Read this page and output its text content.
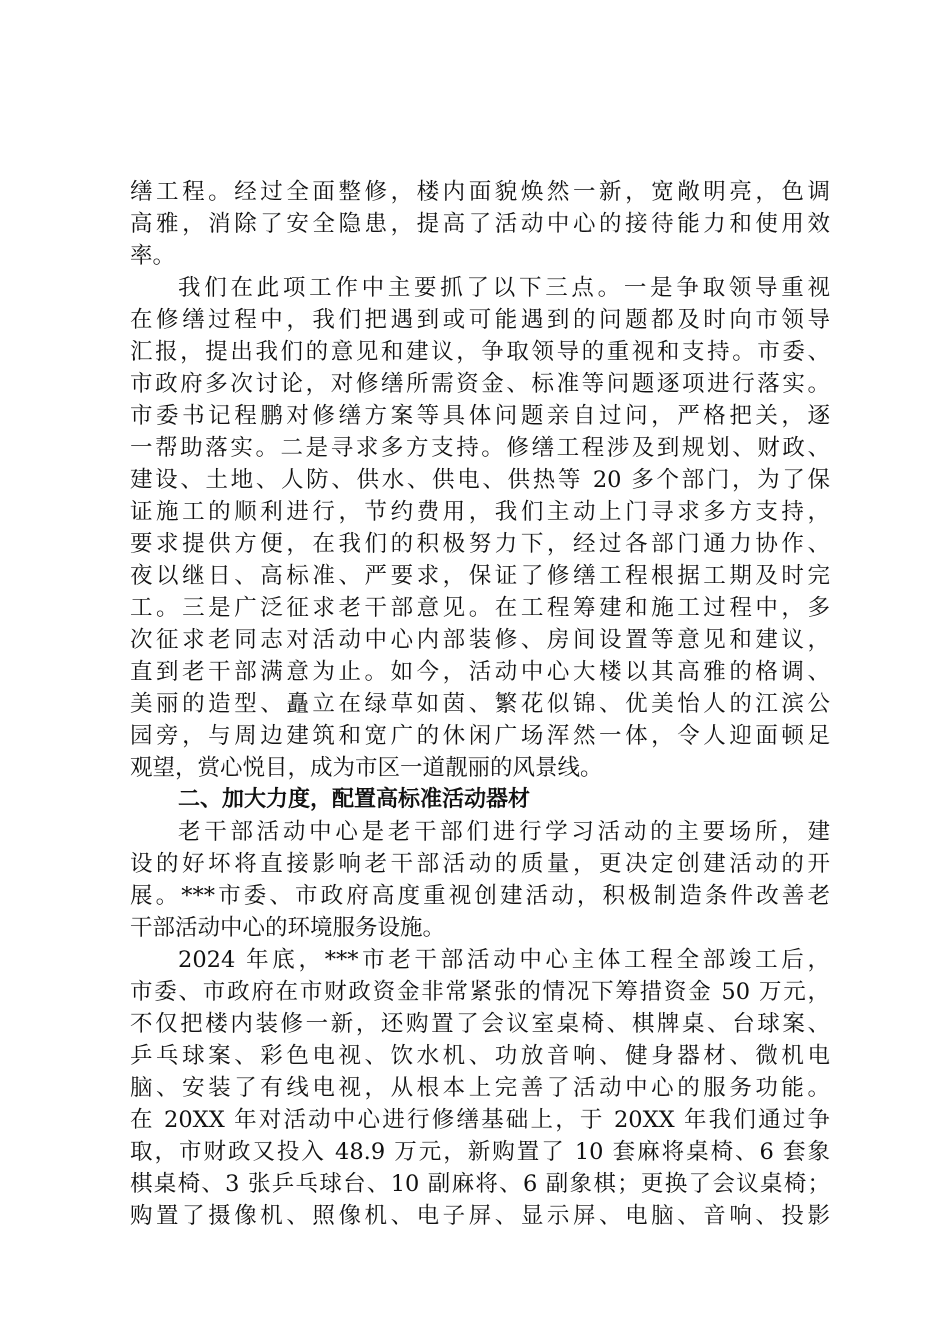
缮工程。经过全面整修，楼内面貌焕然一新，宽敞明亮，色调
高雅，消除了安全隐患，提高了活动中心的接待能力和使用效
率。
我们在此项工作中主要抓了以下三点。一是争取领导重视
在修缮过程中，我们把遇到或可能遇到的问题都及时向市领导
汇报，提出我们的意见和建议，争取领导的重视和支持。市委、
市政府多次讨论，对修缮所需资金、标准等问题逐项进行落实。
市委书记程鹏对修缮方案等具体问题亲自过问，严格把关，逐
一帮助落实。二是寻求多方支持。修缮工程涉及到规划、财政、
建设、土地、人防、供水、供电、供热等 20 多个部门，为了保
证施工的顺利进行，节约费用，我们主动上门寻求多方支持，
要求提供方便，在我们的积极努力下，经过各部门通力协作、
夜以继日、高标准、严要求，保证了修缮工程根据工期及时完
工。三是广泛征求老干部意见。在工程筹建和施工过程中，多
次征求老同志对活动中心内部装修、房间设置等意见和建议，
直到老干部满意为止。如今，活动中心大楼以其高雅的格调、
美丽的造型、矗立在绿草如茵、繁花似锦、优美怡人的江滨公
园旁，与周边建筑和宽广的休闲广场浑然一体，令人迎面顿足
观望，赏心悦目，成为市区一道靓丽的风景线。
二、加大力度，配置高标准活动器材
老干部活动中心是老干部们进行学习活动的主要场所，建
设的好坏将直接影响老干部活动的质量，更决定创建活动的开
展。***市委、市政府高度重视创建活动，积极制造条件改善老
干部活动中心的环境服务设施。
2024 年底，***市老干部活动中心主体工程全部竣工后，
市委、市政府在市财政资金非常紧张的情况下筹措资金 50 万元，
不仅把楼内装修一新，还购置了会议室桌椅、棋牌桌、台球案、
乒乓球案、彩色电视、饮水机、功放音响、健身器材、微机电
脑、安装了有线电视，从根本上完善了活动中心的服务功能。
在 20XX 年对活动中心进行修缮基础上，于 20XX 年我们通过争
取，市财政又投入 48.9 万元，新购置了 10 套麻将桌椅、6 套象
棋桌椅、3 张乒乓球台、10 副麻将、6 副象棋；更换了会议桌椅；
购置了摄像机、照像机、电子屏、显示屏、电脑、音响、投影
